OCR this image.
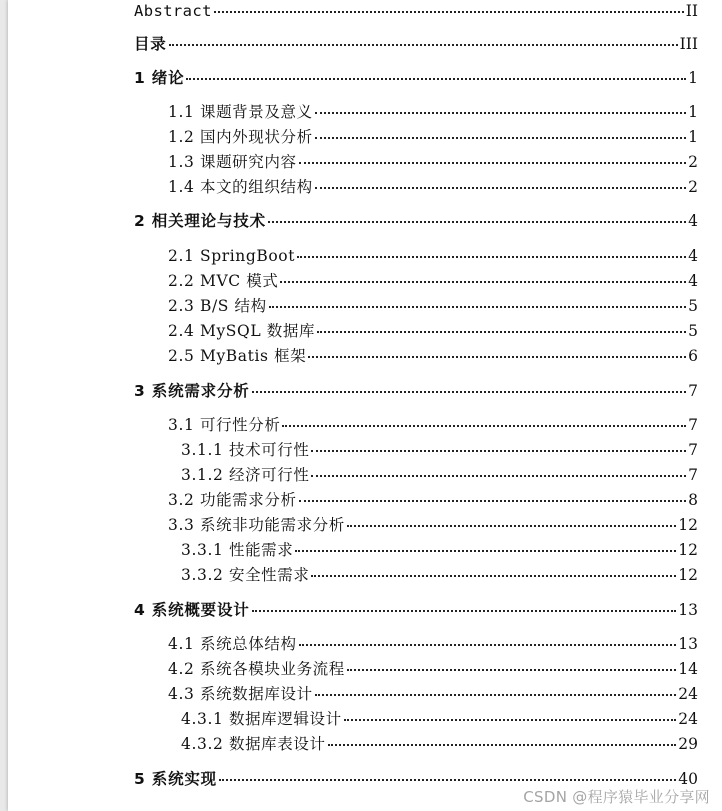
Abstract	II
目录	III
1 绪论	1
1.1 课题背景及意义	1
1.2 国内外现状分析	1
1.3 课题研究内容	2
1.4 本文的组织结构	2
2 相关理论与技术	4
2.1 SpringBoot	4
2.2 MVC 模式	4
2.3 B/S 结构	5
2.4 MySQL 数据库	5
2.5 MyBatis 框架	6
3 系统需求分析	7
3.1 可行性分析	7
3.1.1 技术可行性	7
3.1.2 经济可行性	7
3.2 功能需求分析	8
3.3 系统非功能需求分析	12
3.3.1 性能需求	12
3.3.2 安全性需求	12
4 系统概要设计	13
4.1 系统总体结构	13
4.2 系统各模块业务流程	14
4.3 系统数据库设计	24
4.3.1 数据库逻辑设计	24
4.3.2 数据库表设计	29
5 系统实现	40
CSDN @程序猿毕业分享网
